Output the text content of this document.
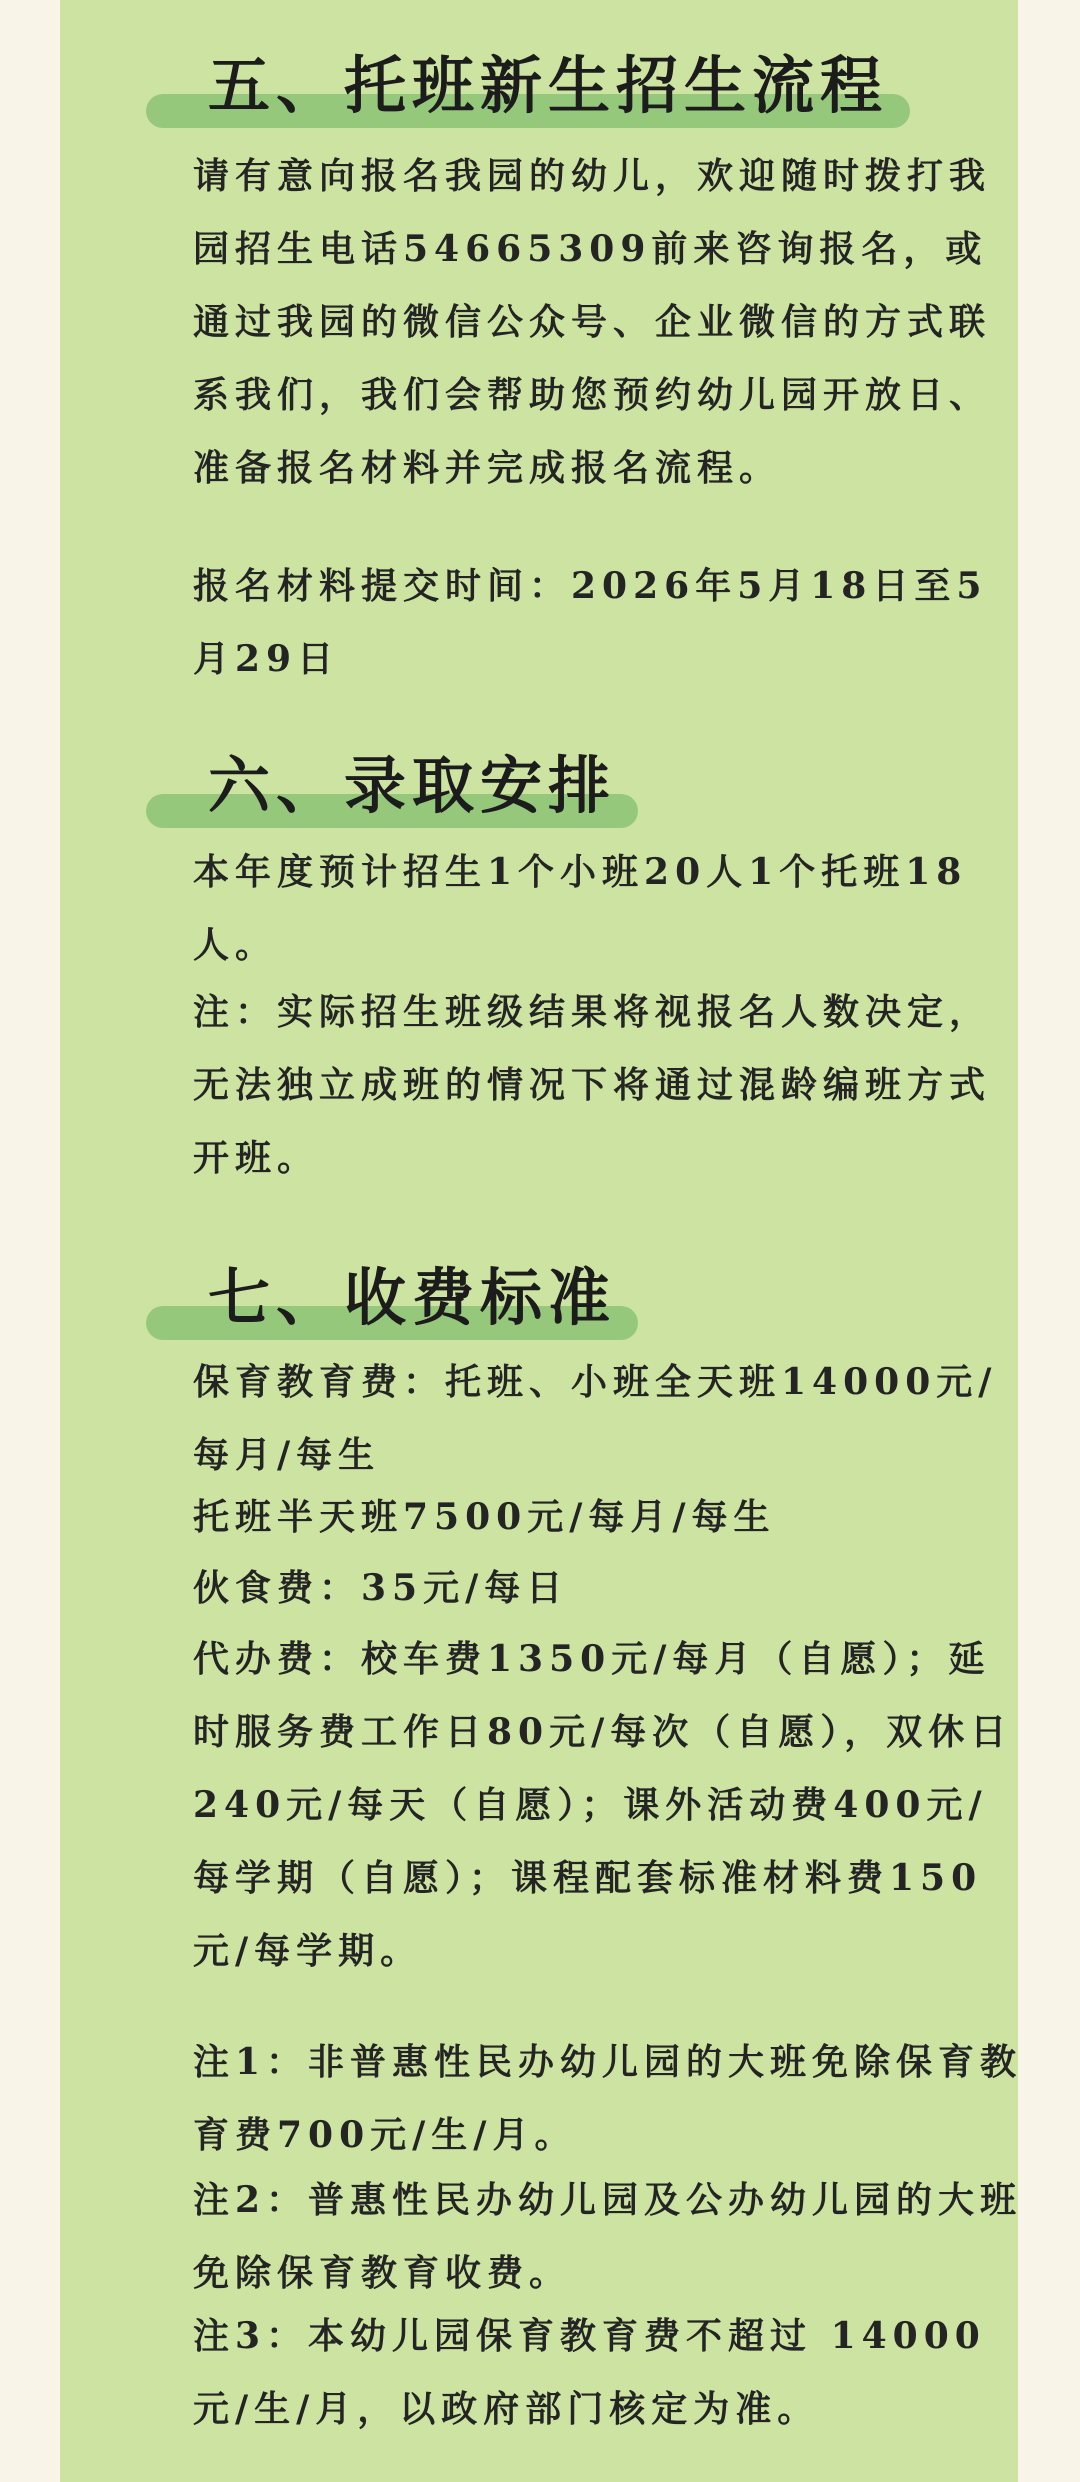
五、托班新生招生流程

请有意向报名我园的幼儿，欢迎随时拨打我园招生电话54665309前来咨询报名，或通过我园的微信公众号、企业微信的方式联系我们，我们会帮助您预约幼儿园开放日、准备报名材料并完成报名流程。

报名材料提交时间：2026年5月18日至5月29日

六、录取安排

本年度预计招生1个小班20人1个托班18人。

注：实际招生班级结果将视报名人数决定，无法独立成班的情况下将通过混龄编班方式开班。

七、收费标准

保育教育费：托班、小班全天班14000元/每月/每生

托班半天班7500元/每月/每生

伙食费：35元/每日

代办费：校车费1350元/每月（自愿）；延时服务费工作日80元/每次（自愿），双休日240元/每天（自愿）；课外活动费400元/每学期（自愿）；课程配套标准材料费150元/每学期。

注1：非普惠性民办幼儿园的大班免除保育教育费700元/生/月。

注2：普惠性民办幼儿园及公办幼儿园的大班免除保育教育收费。

注3：本幼儿园保育教育费不超过 14000元/生/月，以政府部门核定为准。
